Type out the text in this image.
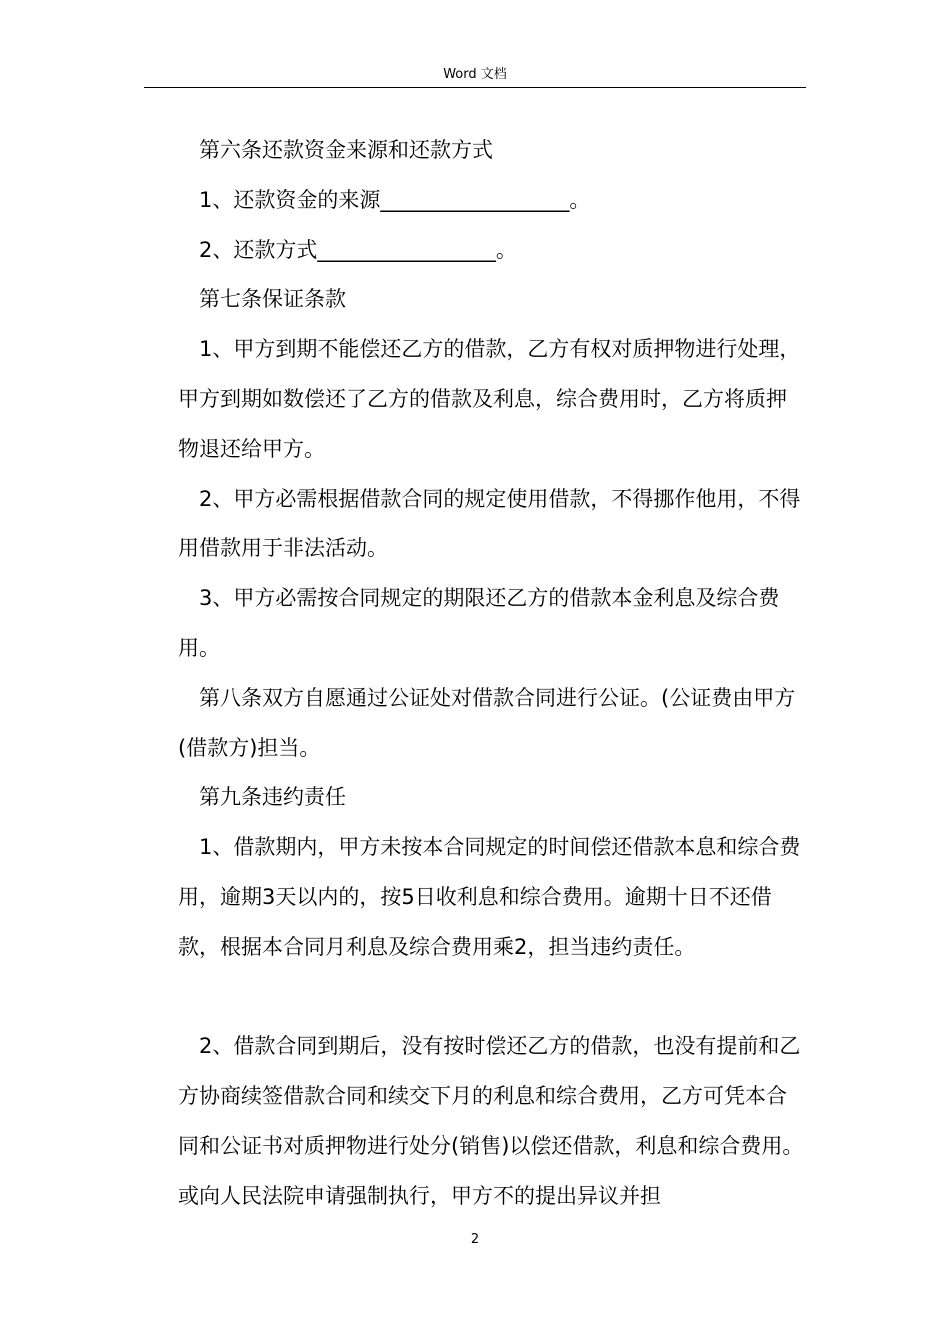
Word 文档

第六条还款资金来源和还款方式

1、还款资金的来源__________________。

2、还款方式_________________。

第七条保证条款

1、甲方到期不能偿还乙方的借款，乙方有权对质押物进行处理，甲方到期如数偿还了乙方的借款及利息，综合费用时，乙方将质押物退还给甲方。

2、甲方必需根据借款合同的规定使用借款，不得挪作他用，不得用借款用于非法活动。

3、甲方必需按合同规定的期限还乙方的借款本金利息及综合费用。

第八条双方自愿通过公证处对借款合同进行公证。(公证费由甲方(借款方)担当。

第九条违约责任

1、借款期内，甲方未按本合同规定的时间偿还借款本息和综合费用，逾期3天以内的，按5日收利息和综合费用。逾期十日不还借款，根据本合同月利息及综合费用乘2，担当违约责任。

2、借款合同到期后，没有按时偿还乙方的借款，也没有提前和乙方协商续签借款合同和续交下月的利息和综合费用，乙方可凭本合同和公证书对质押物进行处分(销售)以偿还借款，利息和综合费用。或向人民法院申请强制执行，甲方不的提出异议并担

2
